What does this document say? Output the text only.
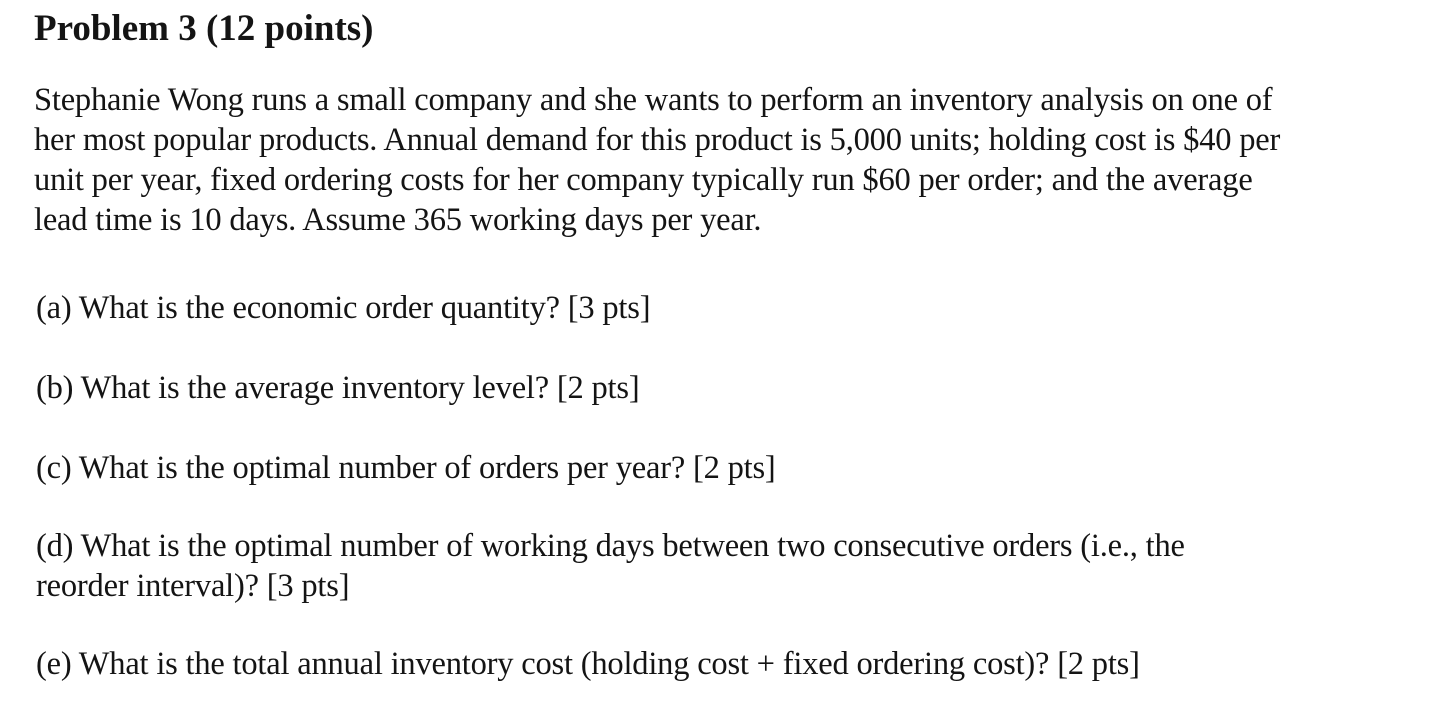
Problem 3 (12 points)

Stephanie Wong runs a small company and she wants to perform an inventory analysis on one of
her most popular products. Annual demand for this product is 5,000 units; holding cost is $40 per
unit per year, fixed ordering costs for her company typically run $60 per order; and the average
lead time is 10 days. Assume 365 working days per year.

(a) What is the economic order quantity? [3 pts]

(b) What is the average inventory level? [2 pts]

(c) What is the optimal number of orders per year? [2 pts]

(d) What is the optimal number of working days between two consecutive orders (i.e., the
reorder interval)? [3 pts]

(e) What is the total annual inventory cost (holding cost + fixed ordering cost)? [2 pts]
